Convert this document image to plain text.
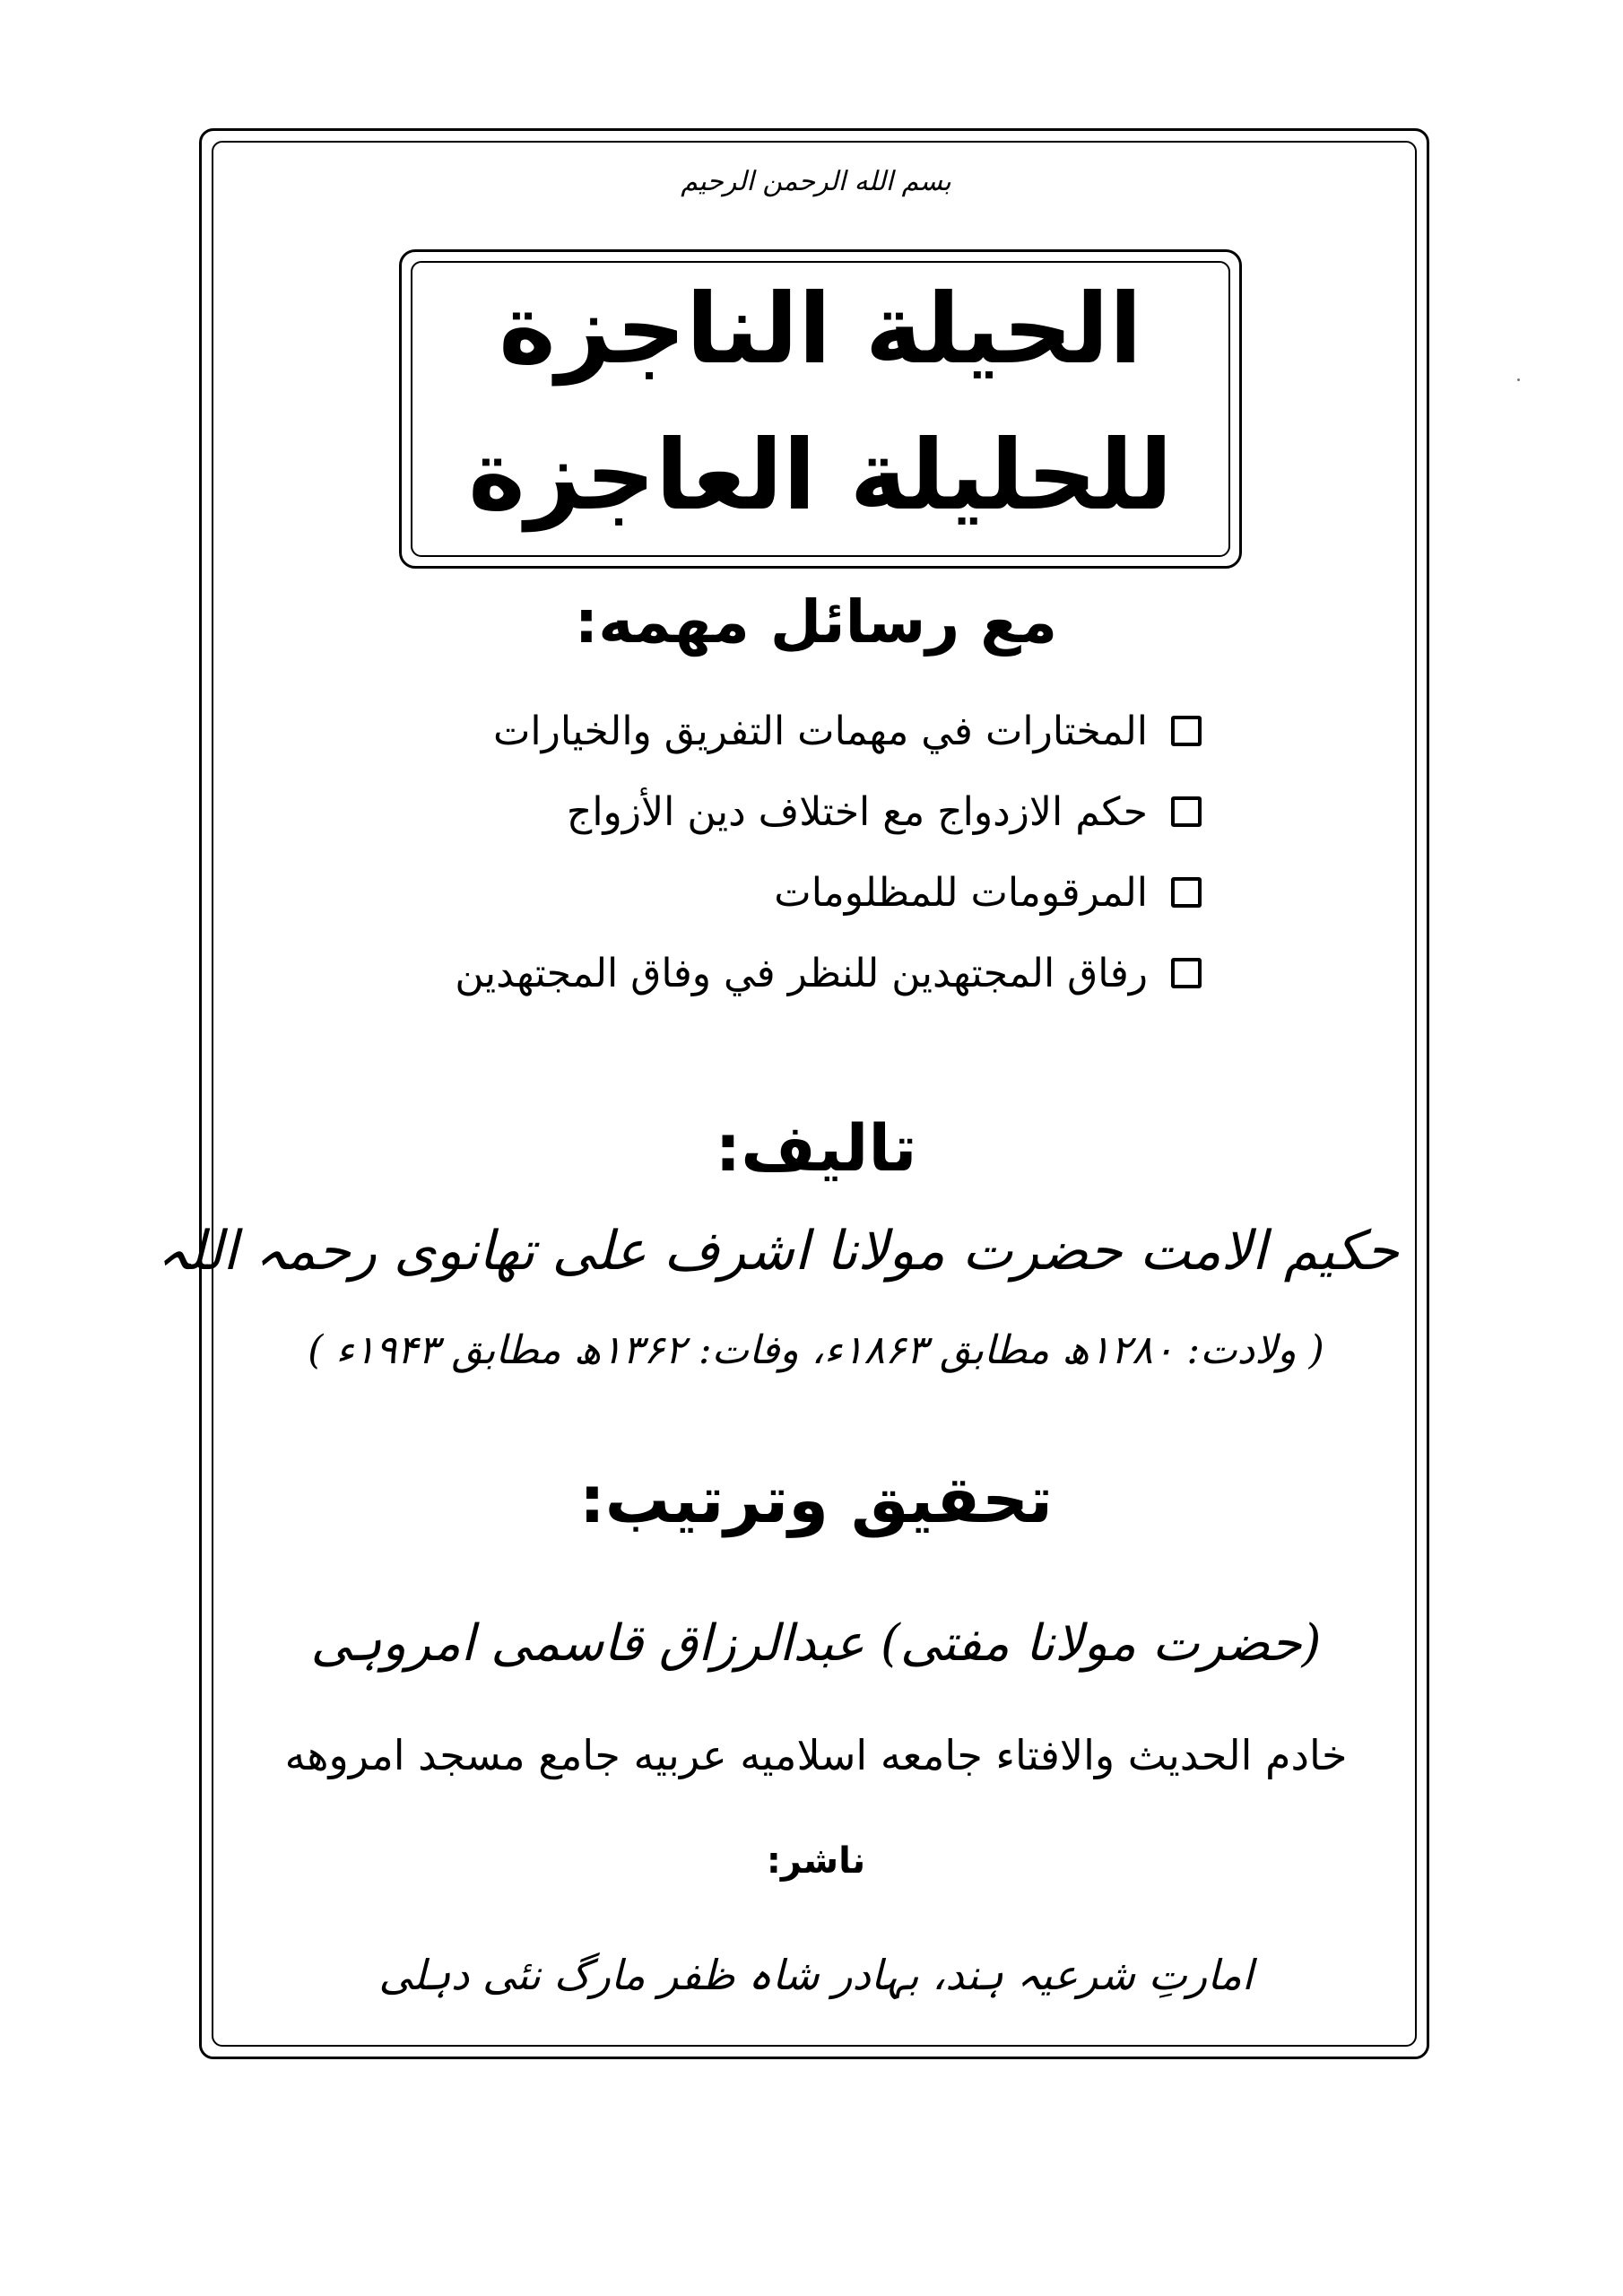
بسم الله الرحمن الرحيم
الحيلة الناجزة
للحليلة العاجزة
مع رسائل مهمه:
المختارات في مهمات التفريق والخيارات
حكم الازدواج مع اختلاف دين الأزواج
المرقومات للمظلومات
رفاق المجتهدين للنظر في وفاق المجتهدين
تاليف:
حکیم الامت حضرت مولانا اشرف علی تھانوی رحمہ اللہ
( ولادت: ۱۲۸۰ھ مطابق ۱۸۶۳ء، وفات: ۱۳۶۲ھ مطابق ۱۹۴۳ء )
تحقيق وترتيب:
(حضرت مولانا مفتی) عبدالرزاق قاسمی امروہی
خادم الحديث والافتاء جامعه اسلاميه عربيه جامع مسجد امروهه
ناشر:
امارتِ شرعیہ ہند، بہادر شاہ ظفر مارگ نئی دہلی
